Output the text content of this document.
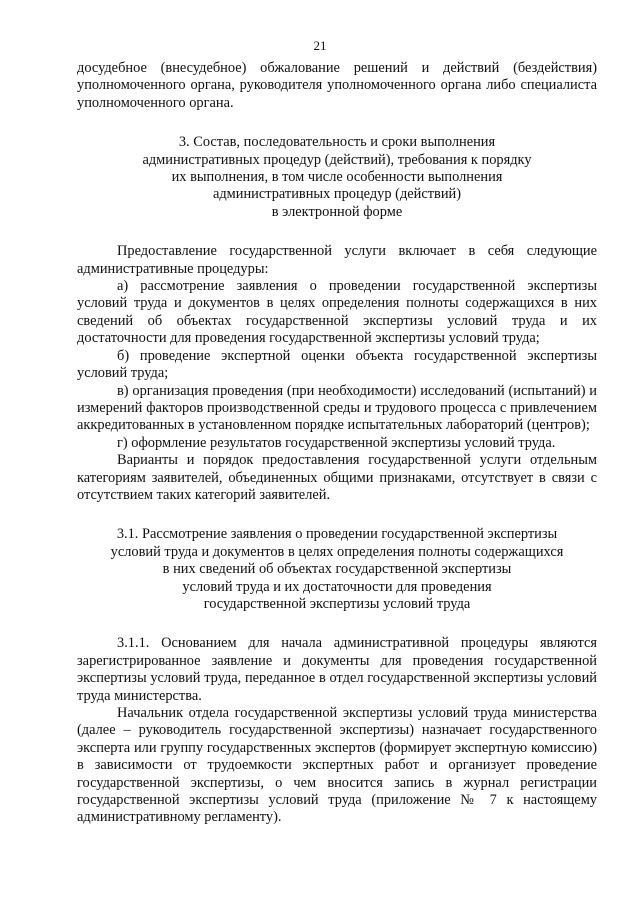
21

досудебное (внесудебное) обжалование решений и действий (бездействия) уполномоченного органа, руководителя уполномоченного органа либо специалиста уполномоченного органа.

3. Состав, последовательность и сроки выполнения
административных процедур (действий), требования к порядку
их выполнения, в том числе особенности выполнения
административных процедур (действий)
в электронной форме

Предоставление государственной услуги включает в себя следующие административные процедуры:

а) рассмотрение заявления о проведении государственной экспертизы условий труда и документов в целях определения полноты содержащихся в них сведений об объектах государственной экспертизы условий труда и их достаточности для проведения государственной экспертизы условий труда;

б) проведение экспертной оценки объекта государственной экспертизы условий труда;

в) организация проведения (при необходимости) исследований (испытаний) и измерений факторов производственной среды и трудового процесса с привлечением аккредитованных в установленном порядке испытательных лабораторий (центров);

г) оформление результатов государственной экспертизы условий труда.

Варианты и порядок предоставления государственной услуги отдельным категориям заявителей, объединенных общими признаками, отсутствует в связи с отсутствием таких категорий заявителей.

3.1. Рассмотрение заявления о проведении государственной экспертизы
условий труда и документов в целях определения полноты содержащихся
в них сведений об объектах государственной экспертизы
условий труда и их достаточности для проведения
государственной экспертизы условий труда

3.1.1. Основанием для начала административной процедуры являются зарегистрированное заявление и документы для проведения государственной экспертизы условий труда, переданное в отдел государственной экспертизы условий труда министерства.

Начальник отдела государственной экспертизы условий труда министерства (далее – руководитель государственной экспертизы) назначает государственного эксперта или группу государственных экспертов (формирует экспертную комиссию) в зависимости от трудоемкости экспертных работ и организует проведение государственной экспертизы, о чем вносится запись в журнал регистрации государственной экспертизы условий труда (приложение № 7 к настоящему административному регламенту).
